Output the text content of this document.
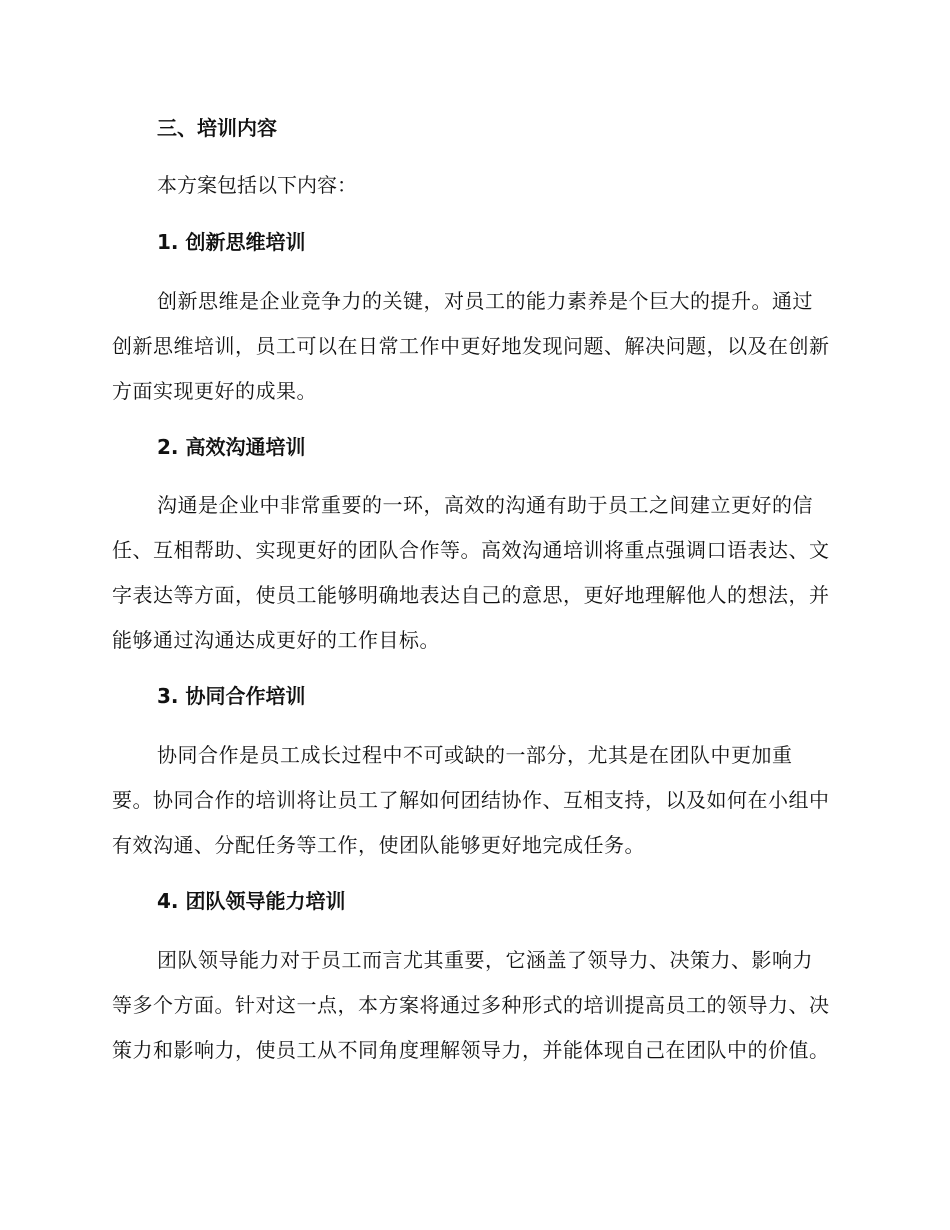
三、培训内容

本方案包括以下内容：

1. 创新思维培训

创新思维是企业竞争力的关键，对员工的能力素养是个巨大的提升。通过创新思维培训，员工可以在日常工作中更好地发现问题、解决问题，以及在创新方面实现更好的成果。

2. 高效沟通培训

沟通是企业中非常重要的一环，高效的沟通有助于员工之间建立更好的信任、互相帮助、实现更好的团队合作等。高效沟通培训将重点强调口语表达、文字表达等方面，使员工能够明确地表达自己的意思，更好地理解他人的想法，并能够通过沟通达成更好的工作目标。

3. 协同合作培训

协同合作是员工成长过程中不可或缺的一部分，尤其是在团队中更加重要。协同合作的培训将让员工了解如何团结协作、互相支持，以及如何在小组中有效沟通、分配任务等工作，使团队能够更好地完成任务。

4. 团队领导能力培训

团队领导能力对于员工而言尤其重要，它涵盖了领导力、决策力、影响力等多个方面。针对这一点，本方案将通过多种形式的培训提高员工的领导力、决策力和影响力，使员工从不同角度理解领导力，并能体现自己在团队中的价值。
